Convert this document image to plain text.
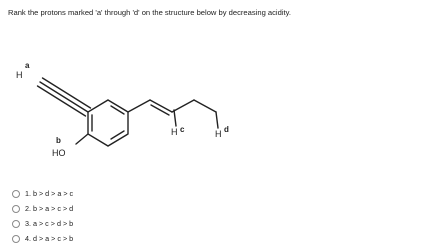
Rank the protons marked 'a' through 'd' on the structure below by decreasing acidity.
a
H
b
HO
H c	H d
1. b > d > a > c
2. b > a > c > d
3. a > c > d > b
4. d > a > c > b
